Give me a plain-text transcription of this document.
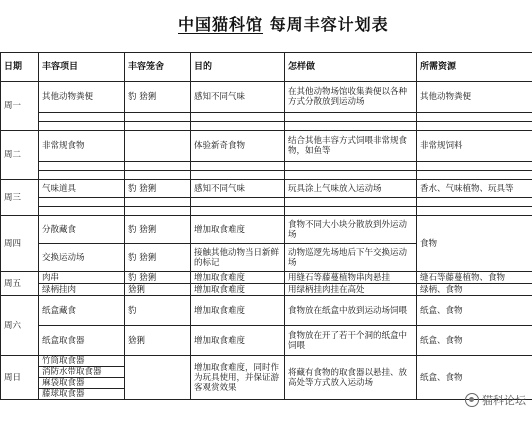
中国猫科馆 每周丰容计划表
日期	丰容项目	丰容笼舍	目的	怎样做	所需资源
周一	其他动物粪便	豹 猞猁	感知不同气味	在其他动物场馆收集粪便以各种方式分散放到运动场	其他动物粪便

周二	非常规食物		体验新奇食物	结合其他丰容方式饲喂非常规食物，如鱼等	非常规饲料

周三	气味道具	豹 猞猁	感知不同气味	玩具涂上气味放入运动场	香水、气味植物、玩具等

周四	分散藏食	豹 猞猁	增加取食难度	食物不同大小块分散放到外运动场	食物
	交换运动场	豹 猞猁	接触其他动物当日新鲜的标记	动物巡逻先场地后下午交换运动场	
周五	肉串	豹 猞猁	增加取食难度	用缝石等藤蔓植物串肉悬挂	缝石等藤蔓植物、食物
	绿柄挂肉	猞猁	增加取食难度	用绿柄挂肉挂在高处	绿柄、食物
周六	纸盒藏食	豹	增加取食难度	食物放在纸盒中放到运动场饲喂	纸盒、食物
	纸盒取食器	猞猁	增加取食难度	食物放在开了若干个洞的纸盒中饲喂	纸盒、食物
周日	竹筒取食器		增加取食难度，同时作为玩具使用，并保证游客观赏效果	将藏有食物的取食器以悬挂、放高处等方式放入运动场	纸盒、食物
	消防水带取食器				
	麻袋取食器				
	藤球取食器					猫科论坛
